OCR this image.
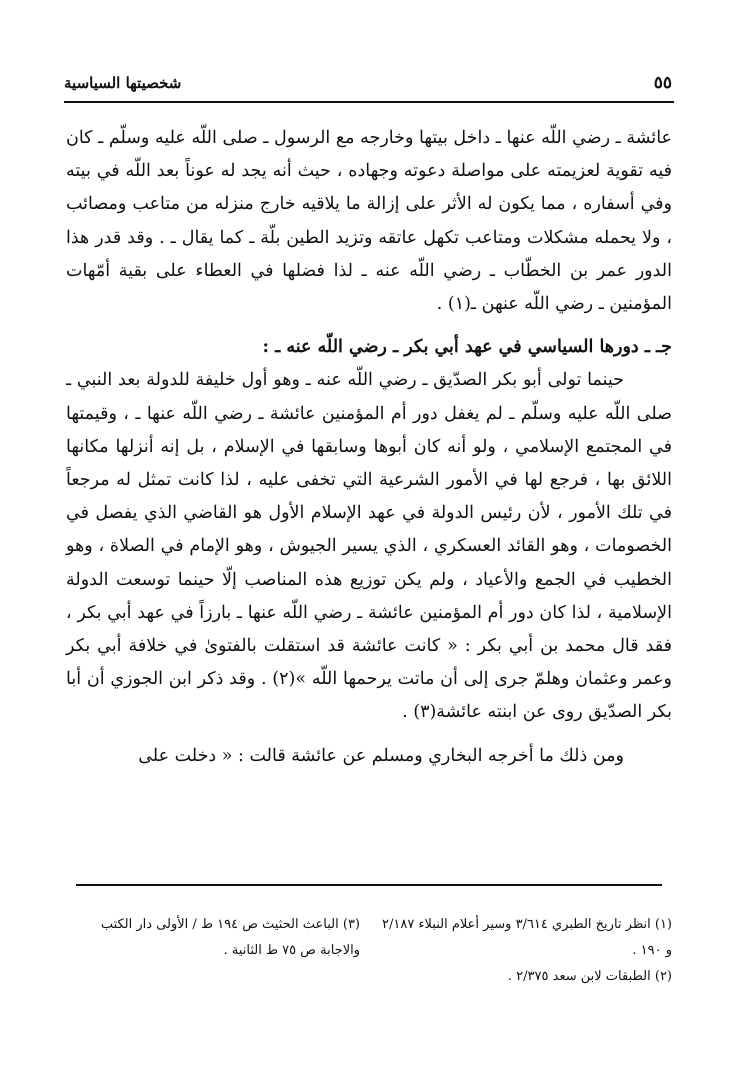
٥٥
شخصيتها السياسية

عائشة ـ رضي اللّه عنها ـ داخل بيتها وخارجه مع الرسول ـ صلى اللّه عليه وسلّم ـ كان فيه تقوية لعزيمته على مواصلة دعوته وجهاده ، حيث أنه يجد له عوناً بعد اللّه في بيته وفي أسفاره ، مما يكون له الأثر على إزالة ما يلاقيه خارج منزله من متاعب ومصائب ، ولا يحمله مشكلات ومتاعب تكهل عاتقه وتزيد الطين بلّة ـ كما يقال ـ . وقد قدر هذا الدور عمر بن الخطّاب ـ رضي اللّه عنه ـ لذا فضلها في العطاء على بقية أمّهات المؤمنين ـ رضي اللّه عنهن ـ(١) .

جـ ـ دورها السياسي في عهد أبي بكر ـ رضي اللّه عنه ـ :

حينما تولى أبو بكر الصدّيق ـ رضي اللّه عنه ـ وهو أول خليفة للدولة بعد النبي ـ صلى اللّه عليه وسلّم ـ لم يغفل دور أم المؤمنين عائشة ـ رضي اللّه عنها ـ ، وقيمتها في المجتمع الإسلامي ، ولو أنه كان أبوها وسابقها في الإسلام ، بل إنه أنزلها مكانها اللائق بها ، فرجع لها في الأمور الشرعية التي تخفى عليه ، لذا كانت تمثل له مرجعاً في تلك الأمور ، لأن رئيس الدولة في عهد الإسلام الأول هو القاضي الذي يفصل في الخصومات ، وهو القائد العسكري ، الذي يسير الجيوش ، وهو الإمام في الصلاة ، وهو الخطيب في الجمع والأعياد ، ولم يكن توزيع هذه المناصب إلّا حينما توسعت الدولة الإسلامية ، لذا كان دور أم المؤمنين عائشة ـ رضي اللّه عنها ـ بارزاً في عهد أبي بكر ، فقد قال محمد بن أبي بكر : « كانت عائشة قد استقلت بالفتوىٰ في خلافة أبي بكر وعمر وعثمان وهلمّ جرى إلى أن ماتت يرحمها اللّه »(٢) . وقد ذكر ابن الجوزي أن أبا بكر الصدّيق روى عن ابنته عائشة(٣) .

ومن ذلك ما أخرجه البخاري ومسلم عن عائشة قالت : « دخلت على

(١) انظر تاريخ الطبري ٣/٦١٤ وسير أعلام النبلاء ٢/١٨٧ و ١٩٠ .

(٢) الطبقات لابن سعد ٢/٣٧٥ .

(٣) الباعث الحثيث ص ١٩٤ ط / الأولى دار الكتب والاجابة ص ٧٥ ط الثانية .
